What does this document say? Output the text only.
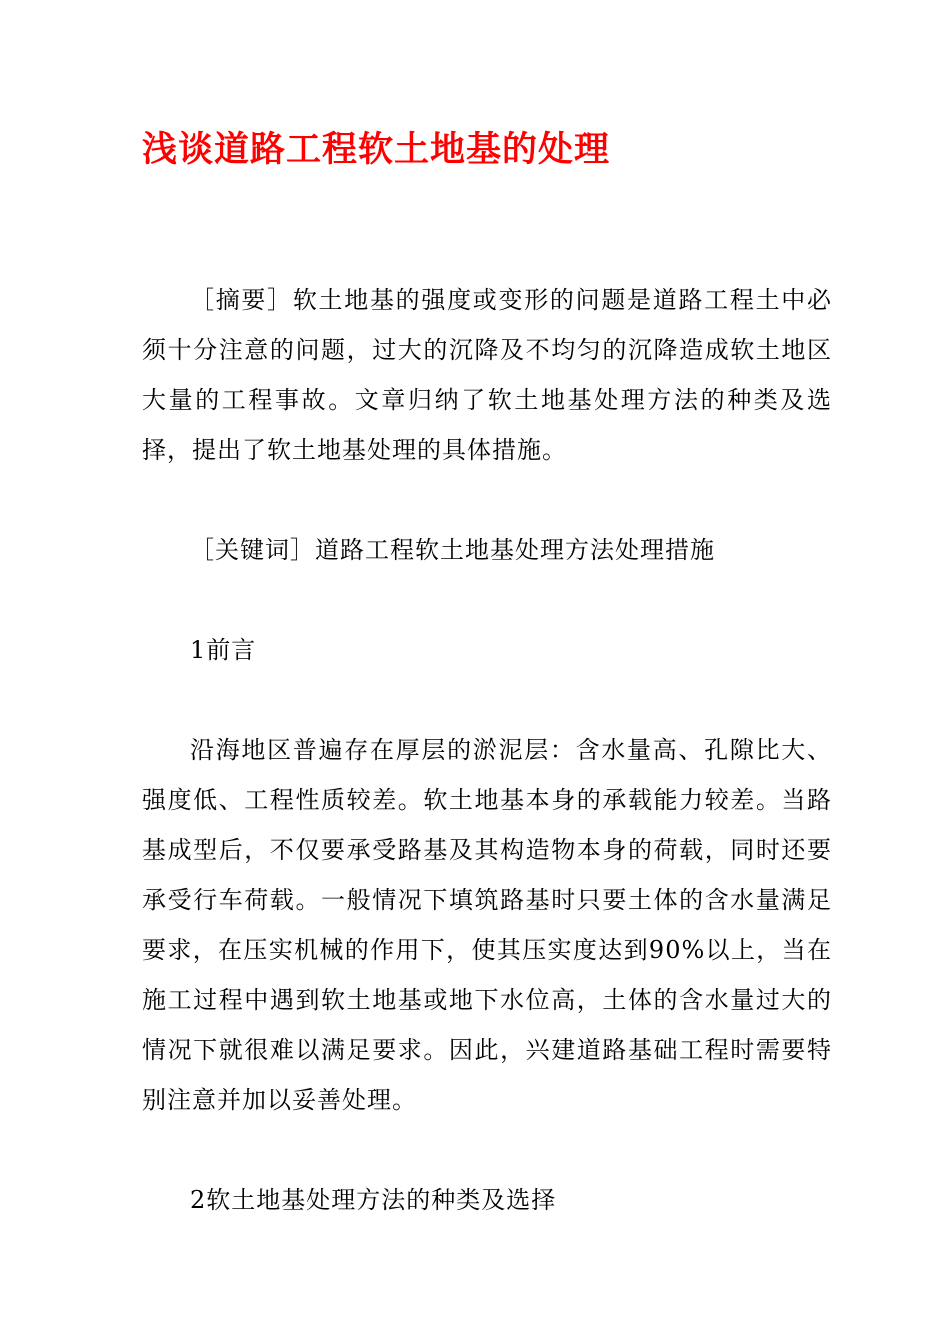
浅谈道路工程软土地基的处理

［摘要］软土地基的强度或变形的问题是道路工程土中必须十分注意的问题，过大的沉降及不均匀的沉降造成软土地区大量的工程事故。文章归纳了软土地基处理方法的种类及选择，提出了软土地基处理的具体措施。

［关键词］道路工程软土地基处理方法处理措施

1前言

沿海地区普遍存在厚层的淤泥层：含水量高、孔隙比大、强度低、工程性质较差。软土地基本身的承载能力较差。当路基成型后，不仅要承受路基及其构造物本身的荷载，同时还要承受行车荷载。一般情况下填筑路基时只要土体的含水量满足要求，在压实机械的作用下，使其压实度达到90%以上，当在施工过程中遇到软土地基或地下水位高，土体的含水量过大的情况下就很难以满足要求。因此，兴建道路基础工程时需要特别注意并加以妥善处理。

2软土地基处理方法的种类及选择
